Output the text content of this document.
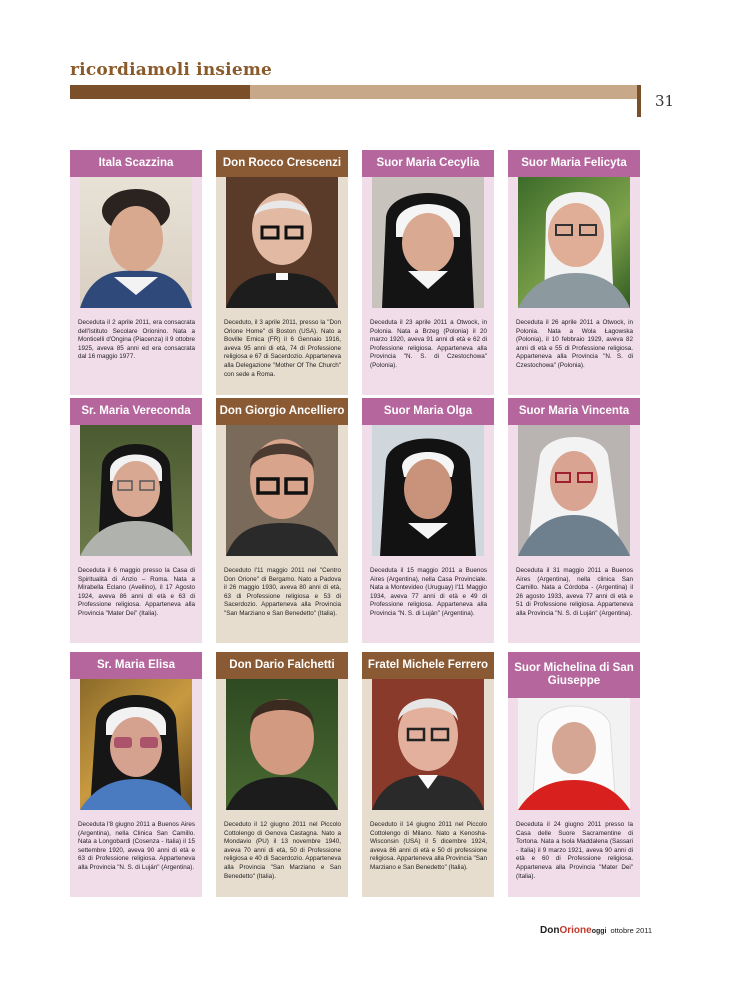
ricordiamoli insieme
31
Itala Scazzina
Deceduta il 2 aprile 2011, era consacrata dell'Istituto Secolare Orionino. Nata a Monticelli d'Ongina (Piacenza) il 9 ottobre 1925, aveva 85 anni ed era consacrata dal 16 maggio 1977.
Don Rocco Crescenzi
Deceduto, il 3 aprile 2011, presso la "Don Orione Home" di Boston (USA). Nato a Boville Ernica (FR) il 6 Gennaio 1916, aveva 95 anni di età, 74 di Professione religiosa e 67 di Sacerdozio. Apparteneva alla Delegazione "Mother Of The Church" con sede a Roma.
Suor Maria Cecylia
Deceduta il 23 aprile 2011 a Otwock, in Polonia. Nata a Brzeg (Polonia) il 20 marzo 1920, aveva 91 anni di età e 62 di Professione religiosa. Apparteneva alla Provincia "N. S. di Czestochowa" (Polonia).
Suor Maria Felicyta
Deceduta il 26 aprile 2011 a Otwock, in Polonia. Nata a Wola Łagowska (Polonia), il 10 febbraio 1929, aveva 82 anni di età e 55 di Professione religiosa. Apparteneva alla Provincia "N. S. di Czestochowa" (Polonia).
Sr. Maria Vereconda
Deceduta il 6 maggio presso la Casa di Spiritualità di Anzio – Roma. Nata a Mirabella Eclano (Avellino), il 17 Agosto 1924, aveva 86 anni di età e 63 di Professione religiosa. Apparteneva alla Provincia "Mater Dei" (Italia).
Don Giorgio Ancelliero
Deceduto l'11 maggio 2011 nel "Centro Don Orione" di Bergamo. Nato a Padova il 26 maggio 1930, aveva 80 anni di età, 63 di Professione religiosa e 53 di Sacerdozio. Apparteneva alla Provincia "San Marziano e San Benedetto" (Italia).
Suor Maria Olga
Deceduta il 15 maggio 2011 a Buenos Aires (Argentina), nella Casa Provinciale. Nata a Montevideo (Uruguay) l'11 Maggio 1934, aveva 77 anni di età e 49 di Professione religiosa. Apparteneva alla Provincia "N. S. di Luján" (Argentina).
Suor Maria Vincenta
Deceduta il 31 maggio 2011 a Buenos Aires (Argentina), nella clinica San Camillo. Nata a Córdoba - (Argentina) il 26 agosto 1933, aveva 77 anni di età e 51 di Professione religiosa. Apparteneva alla Provincia "N. S. di Luján" (Argentina).
Sr. Maria Elisa
Deceduta l'8 giugno 2011 a Buenos Aires (Argentina), nella Clinica San Camillo. Nata a Longobardi (Cosenza - Italia) il 15 settembre 1920, aveva 90 anni di età e 63 di Professione religiosa. Apparteneva alla Provincia "N. S. di Luján" (Argentina).
Don Dario Falchetti
Deceduto il 12 giugno 2011 nel Piccolo Cottolengo di Genova Castagna. Nato a Mondavio (PU) il 13 novembre 1940, aveva 70 anni di età, 50 di Professione religiosa e 40 di Sacerdozio. Apparteneva alla Provincia "San Marziano e San Benedetto" (Italia).
Fratel Michele Ferrero
Deceduto il 14 giugno 2011 nel Piccolo Cottolengo di Milano. Nato a Kenosha-Wisconsin (USA) il 5 dicembre 1924, aveva 86 anni di età e 50 di professione religiosa. Apparteneva alla Provincia "San Marziano e San Benedetto" (Italia).
Suor Michelina di San Giuseppe
Deceduta il 24 giugno 2011 presso la Casa delle Suore Sacramentine di Tortona. Nata a Isola Maddalena (Sassari - Italia) il 9 marzo 1921, aveva 90 anni di età e 60 di Professione religiosa. Apparteneva alla Provincia "Mater Dei" (Italia).
DonOrioneoggi ottobre 2011
